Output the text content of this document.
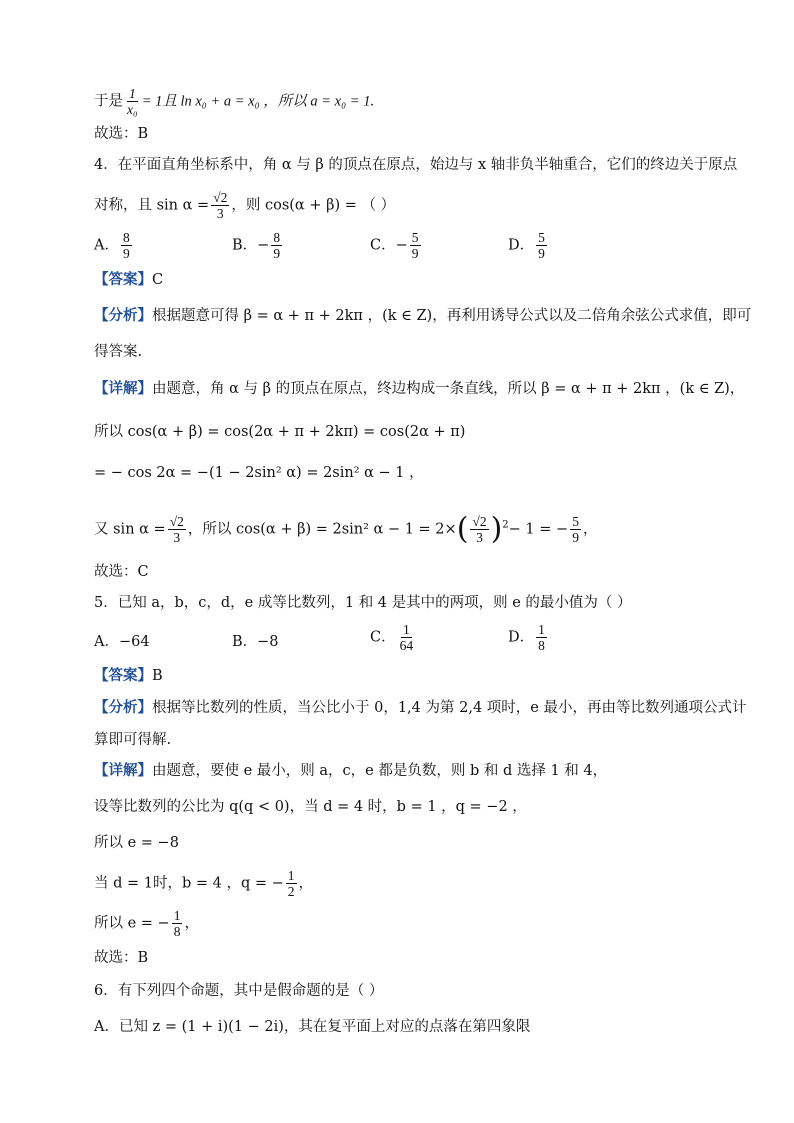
于是 $\frac{1}{\text{x₀}} = 1$且 ln x₀ + a = x₀ ，所以 a = x₀ = 1.
故选：B
4．在平面直角坐标系中，角 α 与 β 的顶点在原点，始边与 x 轴非负半轴重合，它们的终边关于原点
对称，且 $\sin \alpha = \frac{√2}{3}$ ，则 cos(α + β) = （ ）
A． $\frac{8}{9}$	B．− $\frac{8}{9}$	C．− $\frac{5}{9}$	D． $\frac{5}{9}$
【答案】C
【分析】根据题意可得 β = α + π + 2kπ ，(k ∈ Z)，再利用诱导公式以及二倍角余弦公式求值，即可
得答案.
【详解】由题意，角 α 与 β 的顶点在原点，终边构成一条直线，所以 β = α + π + 2kπ ，(k ∈ Z)，
所以 cos(α + β) = cos(2α + π + 2kπ) = cos(2α + π)
= − cos 2α = −(1 − 2sin² α) = 2sin² α − 1 ，
又 $\sin \alpha = \frac{√2}{3}$ ，所以 cos(α + β) = 2sin² $\alpha - 1 = 2\times( \frac{√2}{3} )^2- 1$ = − $\frac{5}{9}$ ，
故选：C
5．已知 a，b，c，d，e 成等比数列，1 和 4 是其中的两项，则 e 的最小值为（ ）
A．−64	B．−8	C． $\frac{1}{64}$	D． $\frac{1}{8}$
【答案】B
【分析】根据等比数列的性质，当公比小于 0，1,4 为第 2,4 项时，e 最小，再由等比数列通项公式计
算即可得解.
【详解】由题意，要使 e 最小，则 a，c，e 都是负数，则 b 和 d 选择 1 和 4，
设等比数列的公比为 q(q < 0)，当 d = 4 时，b = 1 ，q = −2 ，
所以 e = −8
当 d = 1时，b = 4 ，q = − $\frac{1}{2}$ ，
所以 e = − $\frac{1}{8}$ ，
故选：B
6．有下列四个命题，其中是假命题的是（ ）
A．已知 z = (1 + i)(1 − 2i)，其在复平面上对应的点落在第四象限
